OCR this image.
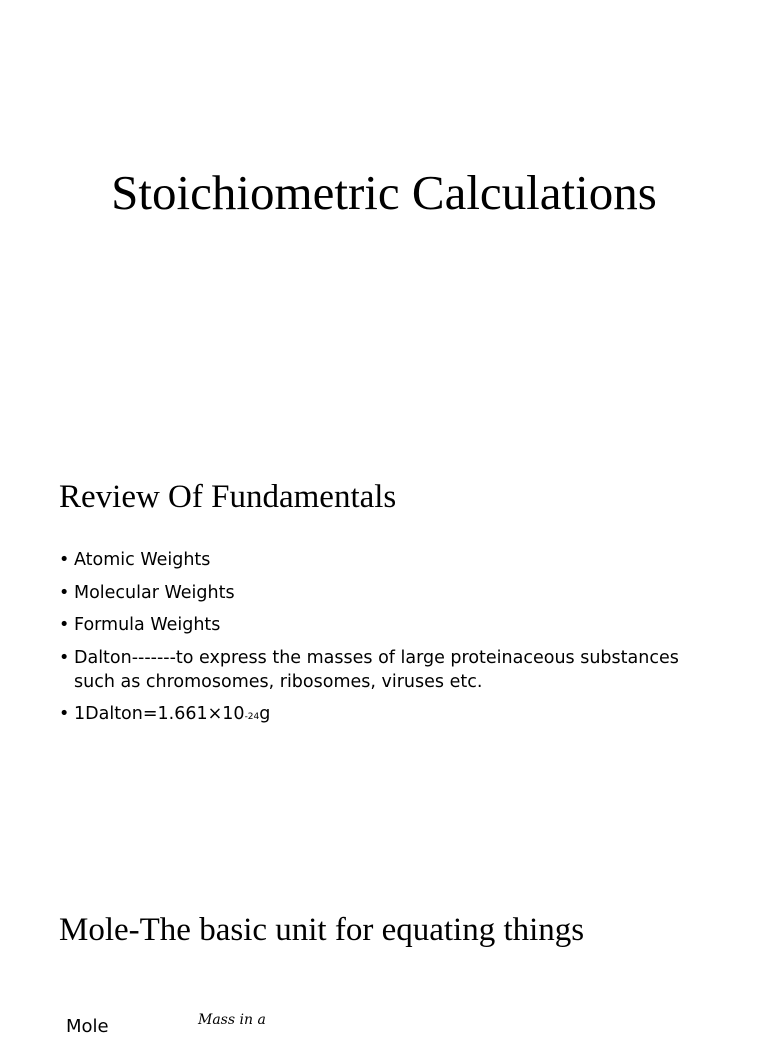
Stoichiometric Calculations
Review Of Fundamentals
• Atomic Weights
• Molecular Weights
• Formula Weights
• Dalton-------to express the masses of large proteinaceous substances such as chromosomes, ribosomes, viruses etc.
• 1Dalton=1.661×10-24g
Mole-The basic unit for equating things
Mole	Mass in a
